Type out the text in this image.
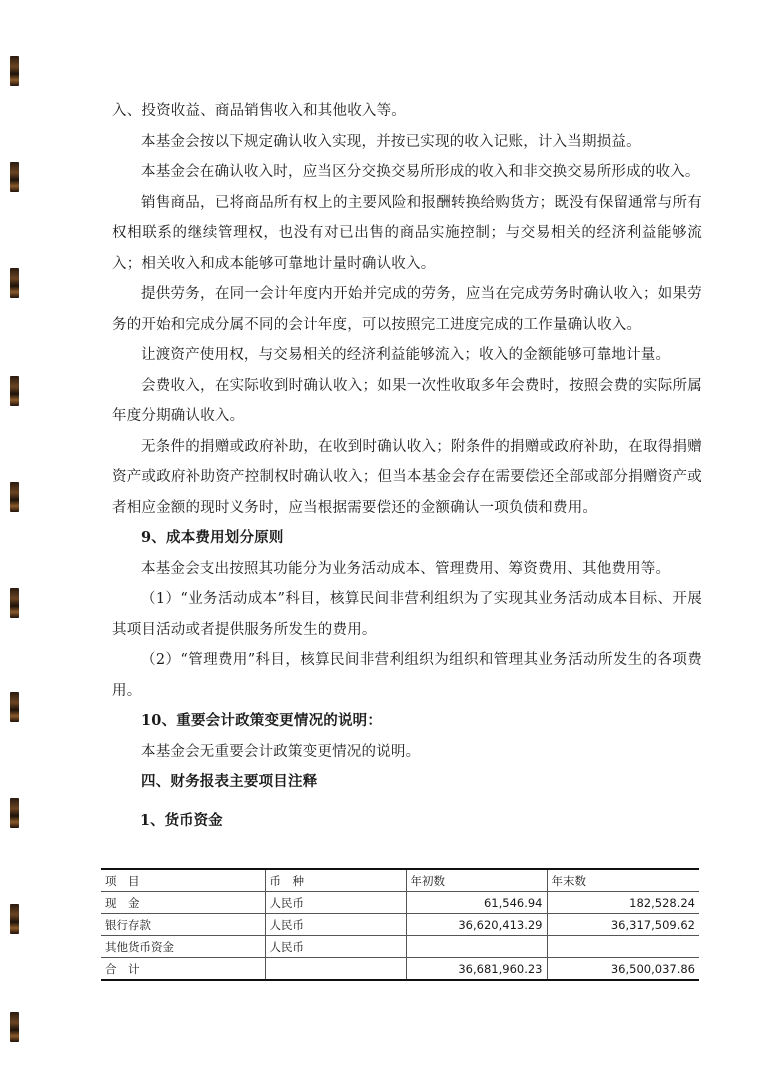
入、投资收益、商品销售收入和其他收入等。

本基金会按以下规定确认收入实现，并按已实现的收入记账，计入当期损益。

本基金会在确认收入时，应当区分交换交易所形成的收入和非交换交易所形成的收入。

销售商品，已将商品所有权上的主要风险和报酬转换给购货方；既没有保留通常与所有权相联系的继续管理权，也没有对已出售的商品实施控制；与交易相关的经济利益能够流入；相关收入和成本能够可靠地计量时确认收入。

提供劳务，在同一会计年度内开始并完成的劳务，应当在完成劳务时确认收入；如果劳务的开始和完成分属不同的会计年度，可以按照完工进度完成的工作量确认收入。

让渡资产使用权，与交易相关的经济利益能够流入；收入的金额能够可靠地计量。

会费收入，在实际收到时确认收入；如果一次性收取多年会费时，按照会费的实际所属年度分期确认收入。

无条件的捐赠或政府补助，在收到时确认收入；附条件的捐赠或政府补助，在取得捐赠资产或政府补助资产控制权时确认收入；但当本基金会存在需要偿还全部或部分捐赠资产或者相应金额的现时义务时，应当根据需要偿还的金额确认一项负债和费用。

9、成本费用划分原则

本基金会支出按照其功能分为业务活动成本、管理费用、筹资费用、其他费用等。

（1）“业务活动成本”科目，核算民间非营利组织为了实现其业务活动成本目标、开展其项目活动或者提供服务所发生的费用。

（2）“管理费用”科目，核算民间非营利组织为组织和管理其业务活动所发生的各项费用。

10、重要会计政策变更情况的说明：

本基金会无重要会计政策变更情况的说明。

四、财务报表主要项目注释

1、货币资金

项　目	币　种	年初数	年末数
现　金	人民币	61,546.94	182,528.24
银行存款	人民币	36,620,413.29	36,317,509.62
其他货币资金	人民币		
合　计		36,681,960.23	36,500,037.86
